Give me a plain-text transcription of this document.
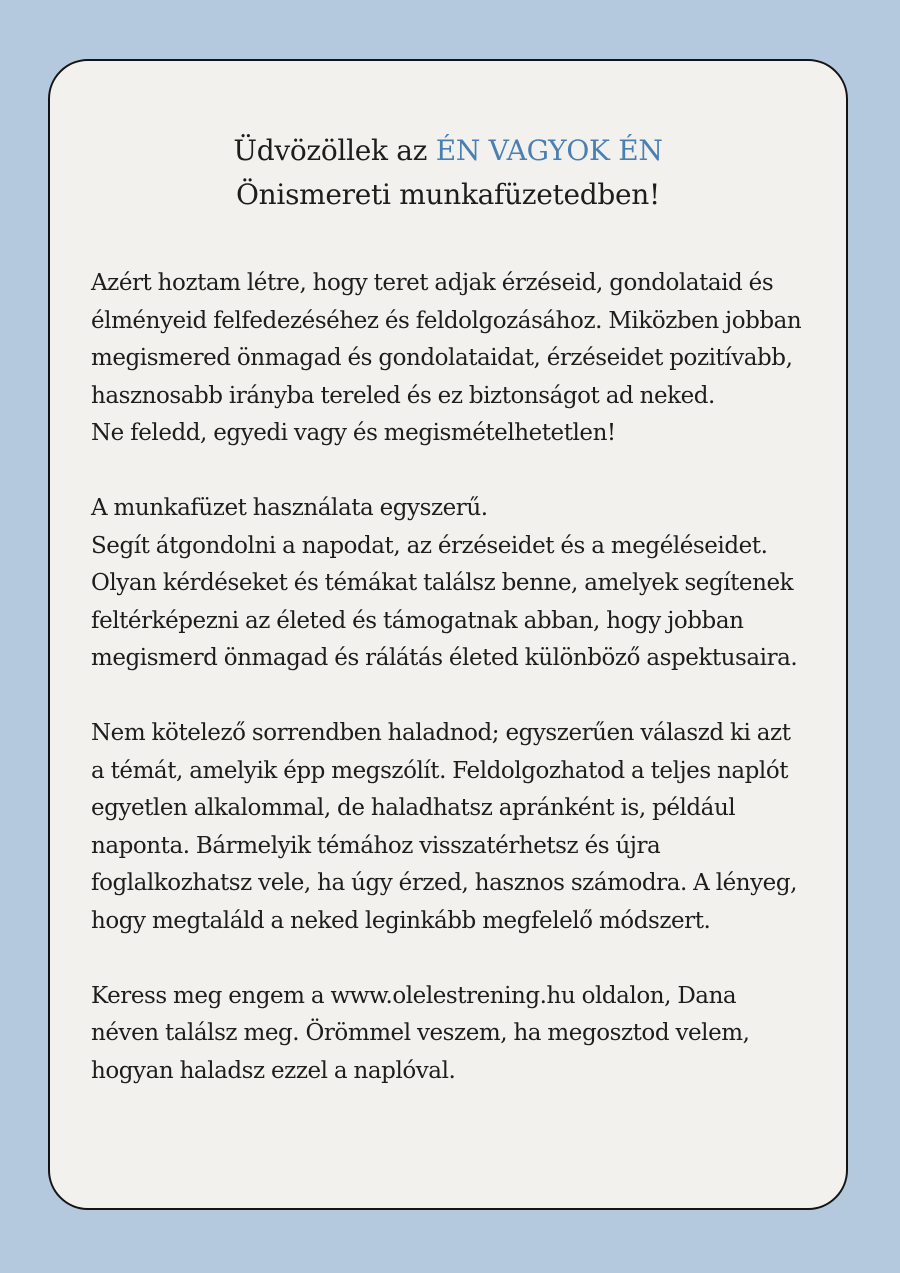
Üdvözöllek az ÉN VAGYOK ÉN
Önismereti munkafüzetedben!

Azért hoztam létre, hogy teret adjak érzéseid, gondolataid és
élményeid felfedezéséhez és feldolgozásához. Miközben jobban
megismered önmagad és gondolataidat, érzéseidet pozitívabb,
hasznosabb irányba tereled és ez biztonságot ad neked.
Ne feledd, egyedi vagy és megismételhetetlen!

A munkafüzet használata egyszerű.
Segít átgondolni a napodat, az érzéseidet és a megéléseidet.
Olyan kérdéseket és témákat találsz benne, amelyek segítenek
feltérképezni az életed és támogatnak abban, hogy jobban
megismerd önmagad és rálátás életed különböző aspektusaira.

Nem kötelező sorrendben haladnod; egyszerűen válaszd ki azt
a témát, amelyik épp megszólít. Feldolgozhatod a teljes naplót
egyetlen alkalommal, de haladhatsz apránként is, például
naponta. Bármelyik témához visszatérhetsz és újra
foglalkozhatsz vele, ha úgy érzed, hasznos számodra. A lényeg,
hogy megtaláld a neked leginkább megfelelő módszert.

Keress meg engem a www.olelestrening.hu oldalon, Dana
néven találsz meg. Örömmel veszem, ha megosztod velem,
hogyan haladsz ezzel a naplóval.
